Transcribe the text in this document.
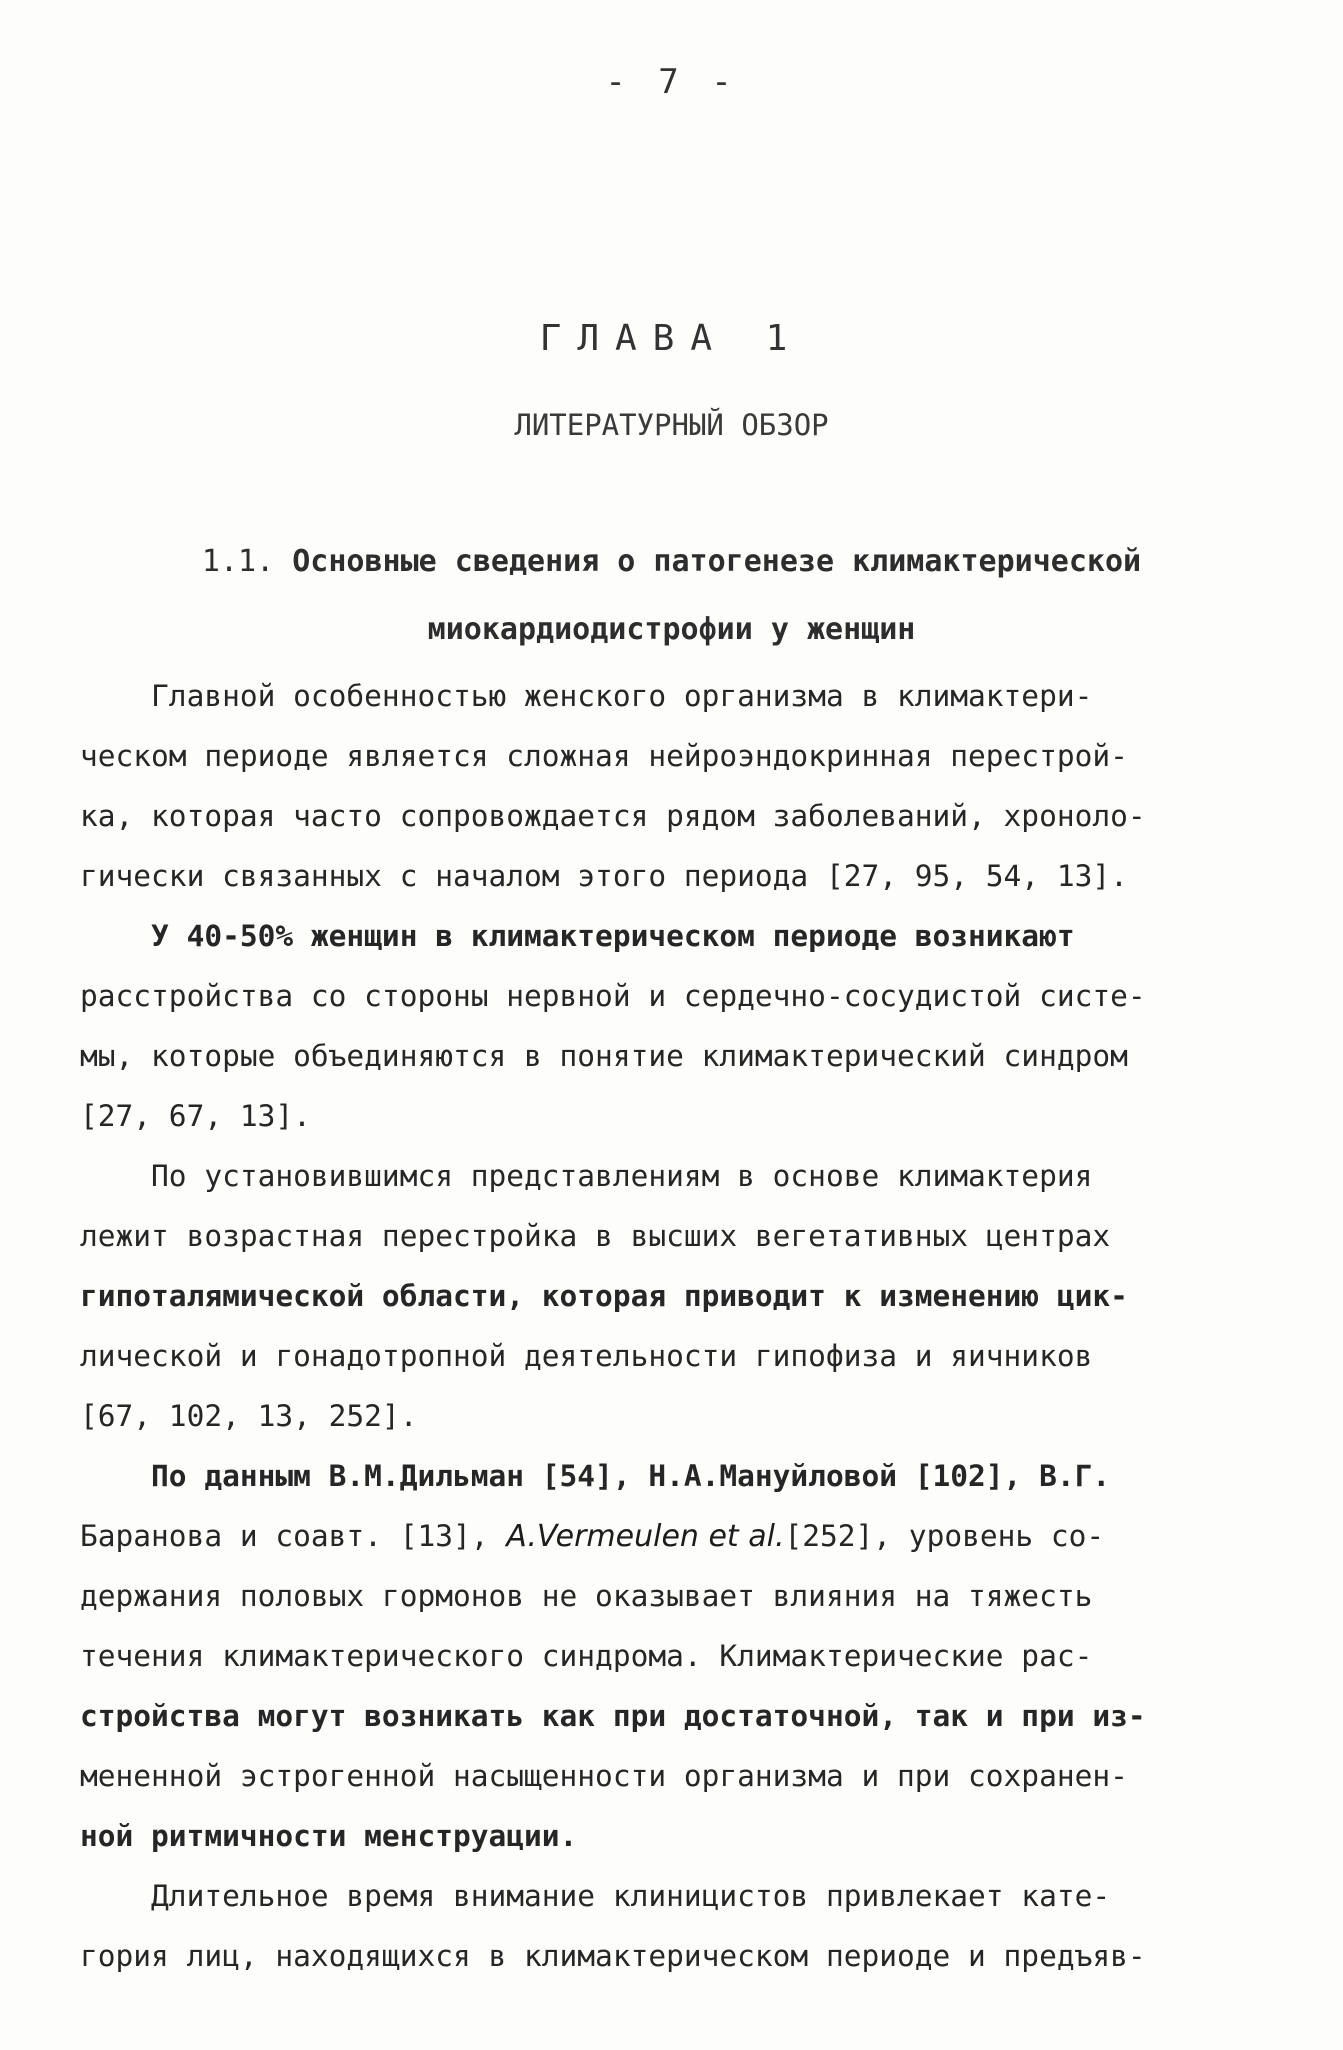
- 7 -
ГЛАВА 1
ЛИТЕРАТУРНЫЙ ОБЗОР
1.1. Основные сведения о патогенезе климактерической
миокардиодистрофии у женщин
Главной особенностью женского организма в климактери-
ческом периоде является сложная нейроэндокринная перестрой-
ка, которая часто сопровождается рядом заболеваний, хроноло-
гически связанных с началом этого периода [27, 95, 54, 13].
У 40-50% женщин в климактерическом периоде возникают
расстройства со стороны нервной и сердечно-сосудистой систе-
мы, которые объединяются в понятие климактерический синдром
[27, 67, 13].
По установившимся представлениям в основе климактерия
лежит возрастная перестройка в высших вегетативных центрах
гипоталямической области, которая приводит к изменению цик-
лической и гонадотропной деятельности гипофиза и яичников
[67, 102, 13, 252].
По данным В.М.Дильман [54], Н.А.Мануйловой [102], В.Г.
Баранова и соавт. [13], A.Vermeulen et al.[252], уровень со-
держания половых гормонов не оказывает влияния на тяжесть
течения климактерического синдрома. Климактерические рас-
стройства могут возникать как при достаточной, так и при из-
мененной эстрогенной насыщенности организма и при сохранен-
ной ритмичности менструации.
Длительное время внимание клиницистов привлекает кате-
гория лиц, находящихся в климактерическом периоде и предъяв-
